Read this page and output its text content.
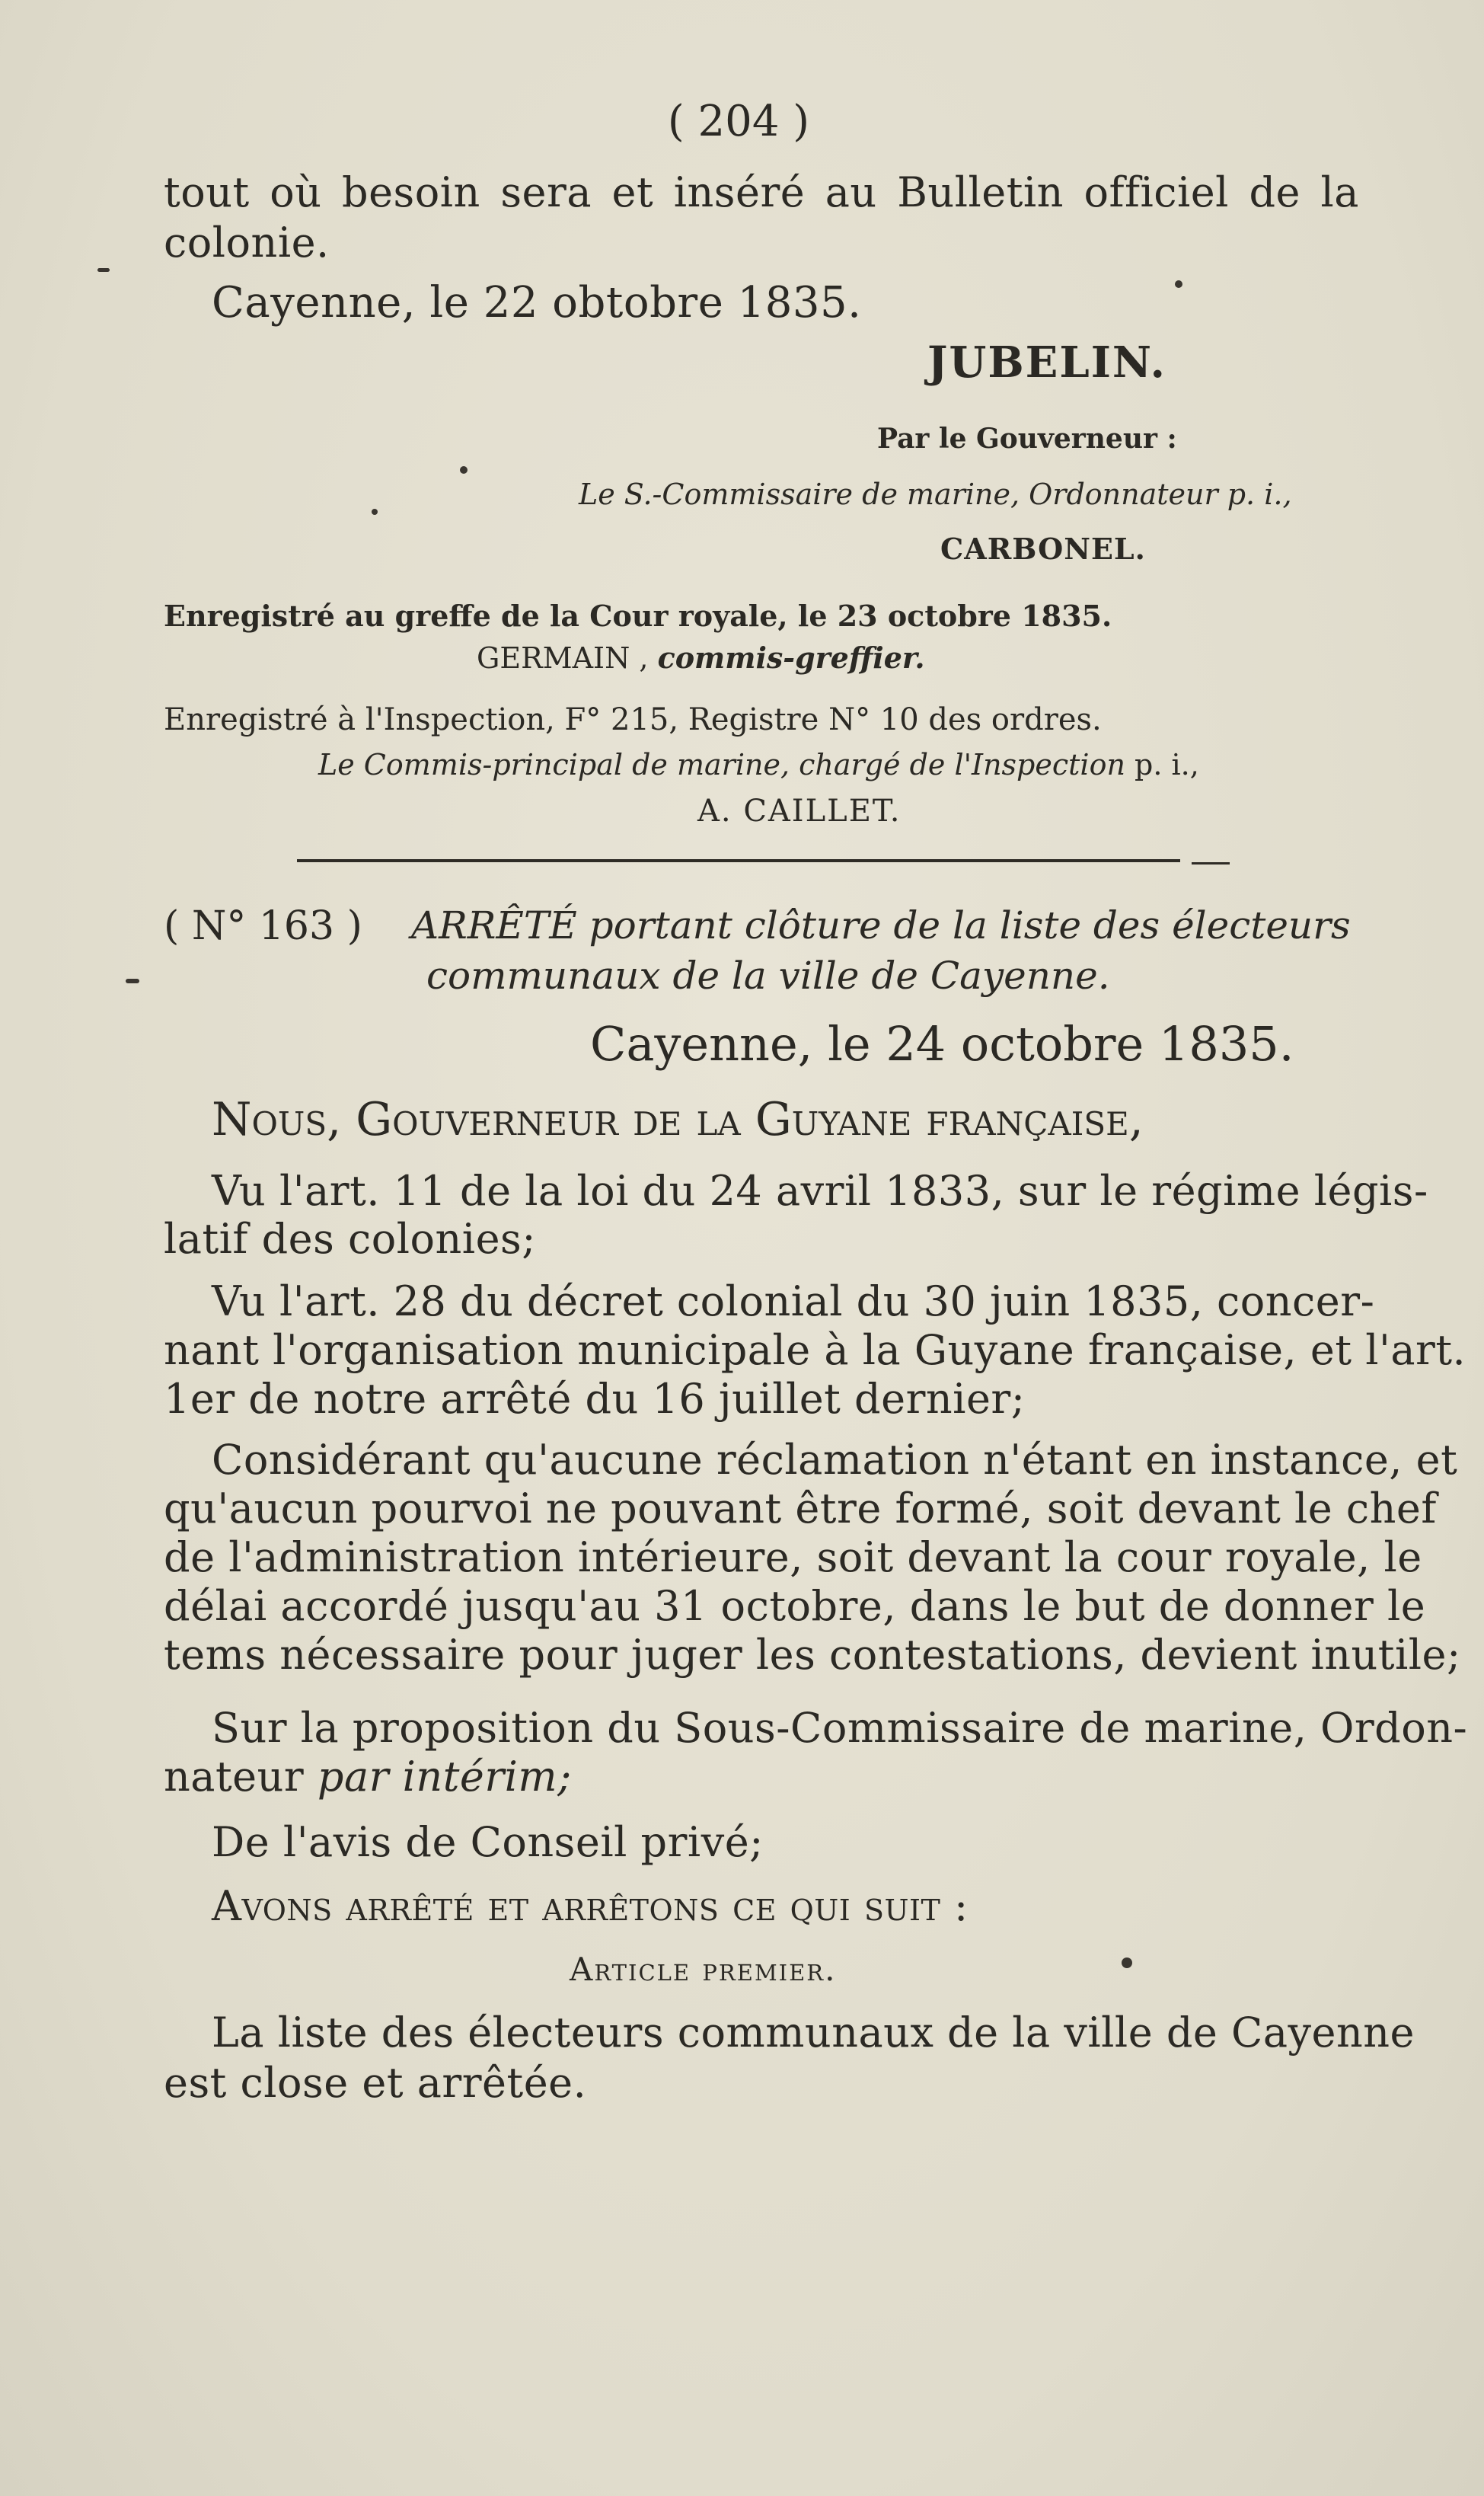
( 204 )
tout où besoin sera et inséré au Bulletin officiel de la
colonie.
Cayenne, le 22 obtobre 1835.
JUBELIN.
Par le Gouverneur :
Le S.-Commissaire de marine, Ordonnateur p. i.,
CARBONEL.
Enregistré au greffe de la Cour royale, le 23 octobre 1835.
GERMAIN , commis-greffier.
Enregistré à l'Inspection, F° 215, Registre N° 10 des ordres.
Le Commis-principal de marine, chargé de l'Inspection p. i.,
A. CAILLET.
( N° 163 ) ARRÊTÉ portant clôture de la liste des électeurs
communaux de la ville de Cayenne.
Cayenne, le 24 octobre 1835.
Nous, Gouverneur de la Guyane française,
Vu l'art. 11 de la loi du 24 avril 1833, sur le régime légis-
latif des colonies;
Vu l'art. 28 du décret colonial du 30 juin 1835, concer-
nant l'organisation municipale à la Guyane française, et l'art.
1er de notre arrêté du 16 juillet dernier;
Considérant qu'aucune réclamation n'étant en instance, et
qu'aucun pourvoi ne pouvant être formé, soit devant le chef
de l'administration intérieure, soit devant la cour royale, le
délai accordé jusqu'au 31 octobre, dans le but de donner le
tems nécessaire pour juger les contestations, devient inutile;
Sur la proposition du Sous-Commissaire de marine, Ordon-
nateur par intérim;
De l'avis de Conseil privé;
Avons arrêté et arrêtons ce qui suit :
Article premier.
La liste des électeurs communaux de la ville de Cayenne
est close et arrêtée.
